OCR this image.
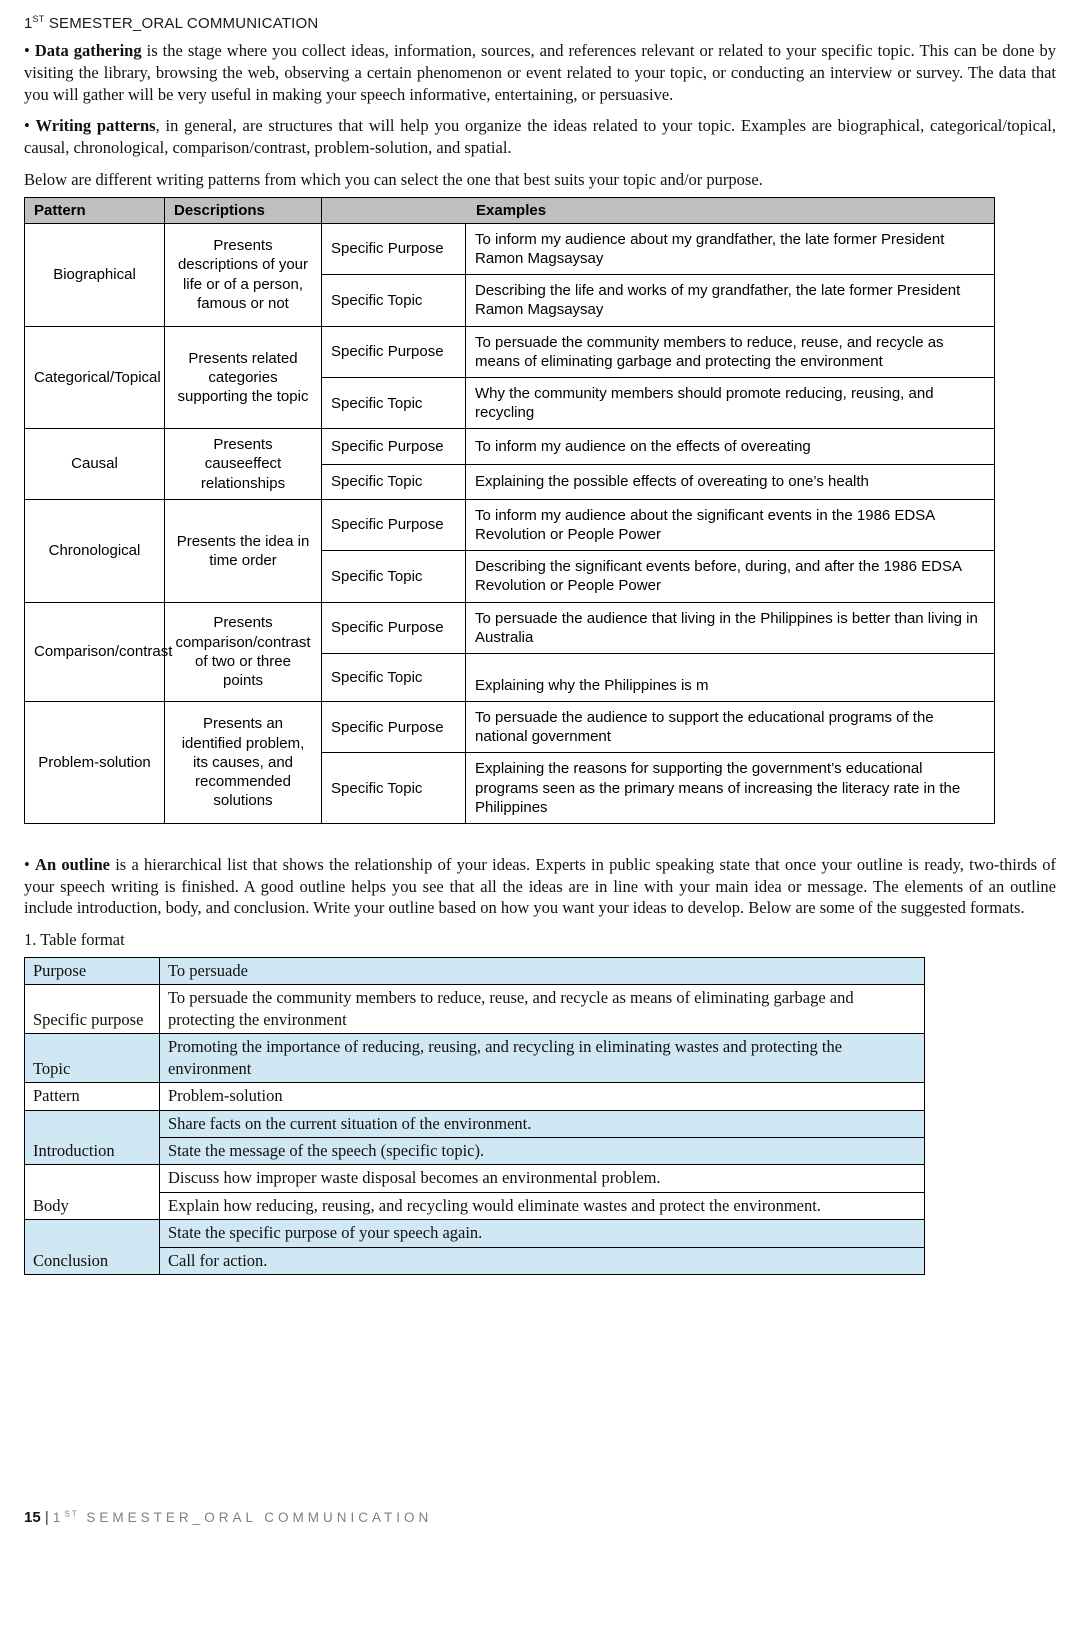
1ST SEMESTER_ORAL COMMUNICATION

• Data gathering is the stage where you collect ideas, information, sources, and references relevant or related to your specific topic. This can be done by visiting the library, browsing the web, observing a certain phenomenon or event related to your topic, or conducting an interview or survey. The data that you will gather will be very useful in making your speech informative, entertaining, or persuasive.

• Writing patterns, in general, are structures that will help you organize the ideas related to your topic. Examples are biographical, categorical/topical, causal, chronological, comparison/contrast, problem-solution, and spatial.

Below are different writing patterns from which you can select the one that best suits your topic and/or purpose.

Pattern	Descriptions	Examples	
Biographical	Presents descriptions of your life or of a person, famous or not	Specific Purpose	To inform my audience about my grandfather, the late former President Ramon Magsaysay
		Specific Topic	Describing the life and works of my grandfather, the late former President Ramon Magsaysay
Categorical/Topical	Presents related categories supporting the topic	Specific Purpose	To persuade the community members to reduce, reuse, and recycle as means of eliminating garbage and protecting the environment
		Specific Topic	Why the community members should promote reducing, reusing, and recycling
Causal	Presents causeeffect relationships	Specific Purpose	To inform my audience on the effects of overeating
		Specific Topic	Explaining the possible effects of overeating to one’s health
Chronological	Presents the idea in time order	Specific Purpose	To inform my audience about the significant events in the 1986 EDSA Revolution or People Power
		Specific Topic	Describing the significant events before, during, and after the 1986 EDSA Revolution or People Power
Comparison/contrast	Presents comparison/contrast of two or three points	Specific Purpose	To persuade the audience that living in the Philippines is better than living in Australia
		Specific Topic	Explaining why the Philippines is m
Problem-solution	Presents an identified problem, its causes, and recommended solutions	Specific Purpose	To persuade the audience to support the educational programs of the national government
		Specific Topic	Explaining the reasons for supporting the government’s educational programs seen as the primary means of increasing the literacy rate in the Philippines

• An outline is a hierarchical list that shows the relationship of your ideas. Experts in public speaking state that once your outline is ready, two-thirds of your speech writing is finished. A good outline helps you see that all the ideas are in line with your main idea or message. The elements of an outline include introduction, body, and conclusion. Write your outline based on how you want your ideas to develop. Below are some of the suggested formats.

1. Table format

Purpose	To persuade
Specific purpose	To persuade the community members to reduce, reuse, and recycle as means of eliminating garbage and protecting the environment
Topic	Promoting the importance of reducing, reusing, and recycling in eliminating wastes and protecting the environment
Pattern	Problem-solution
Introduction	Share facts on the current situation of the environment.
	State the message of the speech (specific topic).
Body	Discuss how improper waste disposal becomes an environmental problem.
	Explain how reducing, reusing, and recycling would eliminate wastes and protect the environment.
Conclusion	State the specific purpose of your speech again.
	Call for action.
15 | 1ST SEMESTER_ORAL COMMUNICATION
